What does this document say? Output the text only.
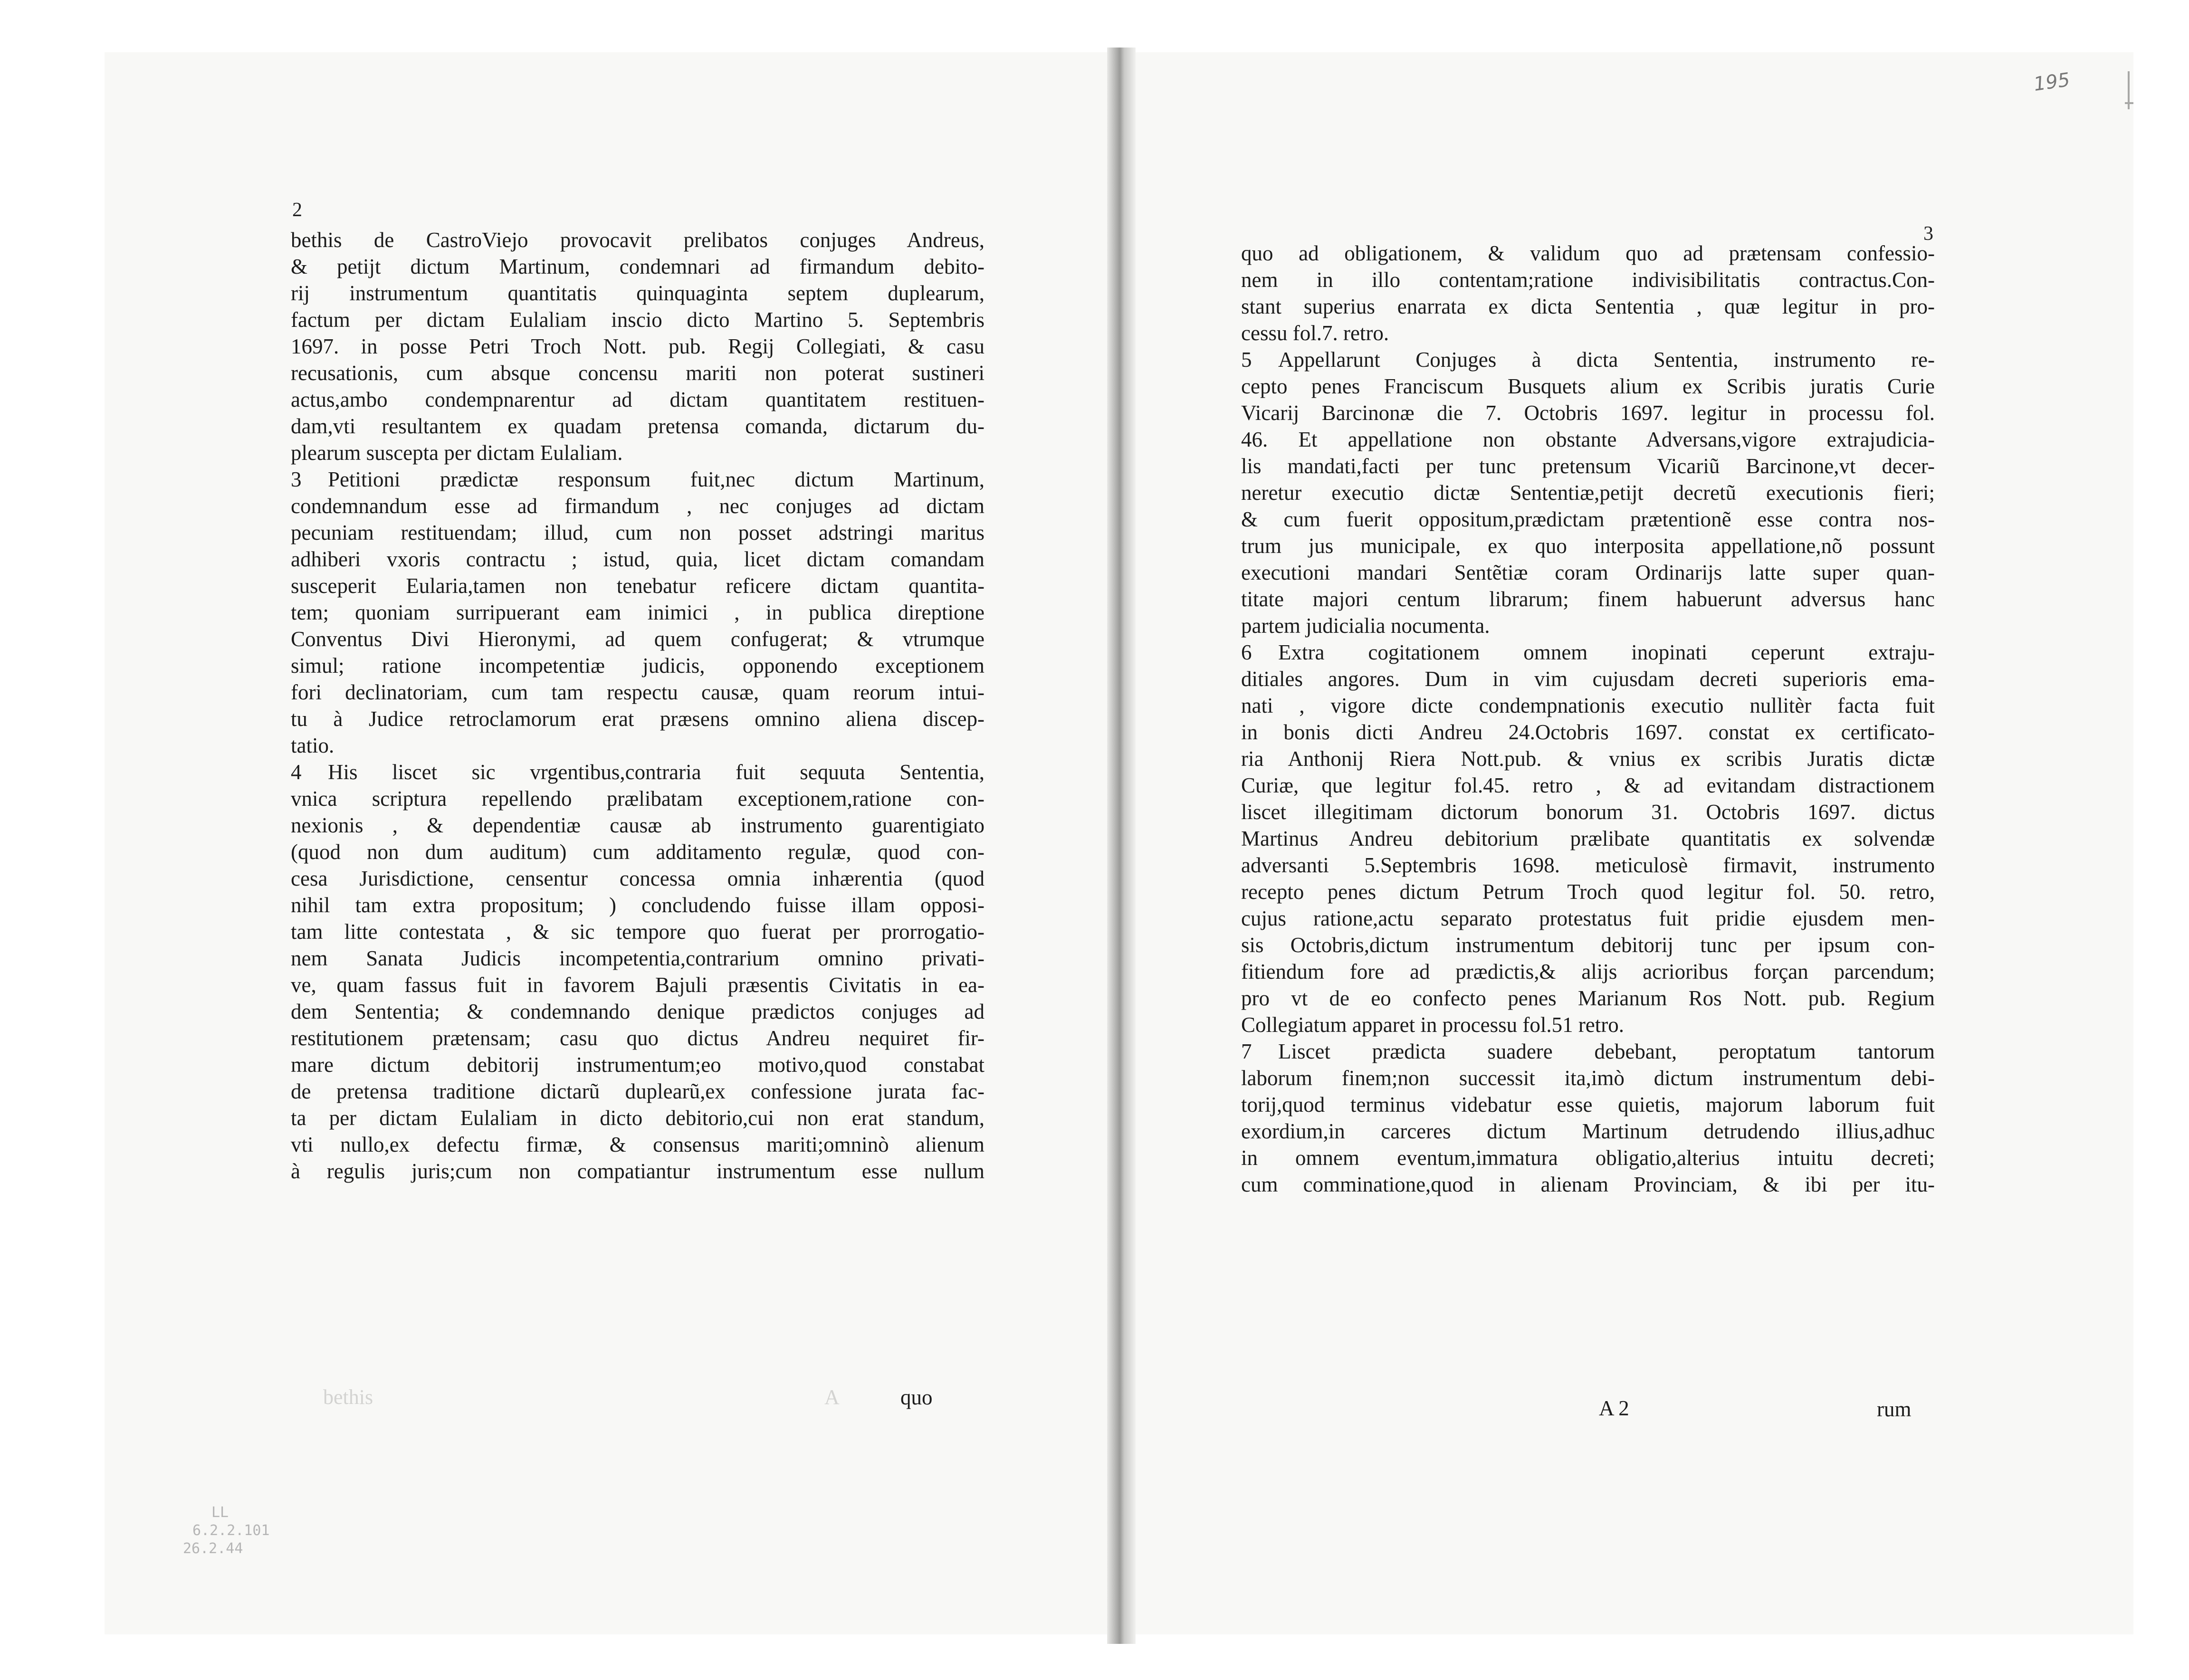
195
2
3
bethis	A

bethis de CastroViejo provocavit prelibatos conjuges Andreus,

& petijt dictum Martinum, condemnari ad firmandum debito-

rij instrumentum quantitatis quinquaginta septem duplearum,

factum per dictam Eulaliam inscio dicto Martino 5. Septembris

1697. in posse Petri Troch Nott. pub. Regij Collegiati, & casu

recusationis, cum absque concensu mariti non poterat sustineri

actus,ambo condempnarentur ad dictam quantitatem restituen-

dam,vti resultantem ex quadam pretensa comanda, dictarum du-

plearum suscepta per dictam Eulaliam.

3 Petitioni prædictæ responsum fuit,nec dictum Martinum,

condemnandum esse ad firmandum , nec conjuges ad dictam

pecuniam restituendam; illud, cum non posset adstringi maritus

adhiberi vxoris contractu ; istud, quia, licet dictam comandam

susceperit Eularia,tamen non tenebatur reficere dictam quantita-

tem; quoniam surripuerant eam inimici , in publica direptione

Conventus Divi Hieronymi, ad quem confugerat; & vtrumque

simul; ratione incompetentiæ judicis, opponendo exceptionem

fori declinatoriam, cum tam respectu causæ, quam reorum intui-

tu à Judice retroclamorum erat præsens omnino aliena discep-

tatio.

4 His liscet sic vrgentibus,contraria fuit sequuta Sententia,

vnica scriptura repellendo prælibatam exceptionem,ratione con-

nexionis , & dependentiæ causæ ab instrumento guarentigiato

(quod non dum auditum) cum additamento regulæ, quod con-

cesa Jurisdictione, censentur concessa omnia inhærentia (quod

nihil tam extra propositum; ) concludendo fuisse illam opposi-

tam litte contestata , & sic tempore quo fuerat per prorrogatio-

nem Sanata Judicis incompetentia,contrarium omnino privati-

ve, quam fassus fuit in favorem Bajuli præsentis Civitatis in ea-

dem Sententia; & condemnando denique prædictos conjuges ad

restitutionem prætensam; casu quo dictus Andreu nequiret fir-

mare dictum debitorij instrumentum;eo motivo,quod constabat

de pretensa traditione dictarũ duplearũ,ex confessione jurata fac-

ta per dictam Eulaliam in dicto debitorio,cui non erat standum,

vti nullo,ex defectu firmæ, & consensus mariti;omninò alienum

à regulis juris;cum non compatiantur instrumentum esse nullum

quo ad obligationem, & validum quo ad prætensam confessio-

nem in illo contentam;ratione indivisibilitatis contractus.Con-

stant superius enarrata ex dicta Sententia , quæ legitur in pro-

cessu fol.7. retro.

5 Appellarunt Conjuges à dicta Sententia, instrumento re-

cepto penes Franciscum Busquets alium ex Scribis juratis Curie

Vicarij Barcinonæ die 7. Octobris 1697. legitur in processu fol.

46. Et appellatione non obstante Adversans,vigore extrajudicia-

lis mandati,facti per tunc pretensum Vicariũ Barcinone,vt decer-

neretur executio dictæ Sententiæ,petijt decretũ executionis fieri;

& cum fuerit oppositum,prædictam prætentionẽ esse contra nos-

trum jus municipale, ex quo interposita appellatione,nõ possunt

executioni mandari Sentẽtiæ coram Ordinarijs latte super quan-

titate majori centum librarum; finem habuerunt adversus hanc

partem judicialia nocumenta.

6 Extra cogitationem omnem inopinati ceperunt extraju-

ditiales angores. Dum in vim cujusdam decreti superioris ema-

nati , vigore dicte condempnationis executio nullitèr facta fuit

in bonis dicti Andreu 24.Octobris 1697. constat ex certificato-

ria Anthonij Riera Nott.pub. & vnius ex scribis Juratis dictæ

Curiæ, que legitur fol.45. retro , & ad evitandam distractionem

liscet illegitimam dictorum bonorum 31. Octobris 1697. dictus

Martinus Andreu debitorium prælibate quantitatis ex solvendæ

adversanti 5.Septembris 1698. meticulosè firmavit, instrumento

recepto penes dictum Petrum Troch quod legitur fol. 50. retro,

cujus ratione,actu separato protestatus fuit pridie ejusdem men-

sis Octobris,dictum instrumentum debitorij tunc per ipsum con-

fitiendum fore ad prædictis,& alijs acrioribus forçan parcendum;

pro vt de eo confecto penes Marianum Ros Nott. pub. Regium

Collegiatum apparet in processu fol.51 retro.

7 Liscet prædicta suadere debebant, peroptatum tantorum

laborum finem;non successit ita,imò dictum instrumentum debi-

torij,quod terminus videbatur esse quietis, majorum laborum fuit

exordium,in carceres dictum Martinum detrudendo illius,adhuc

in omnem eventum,immatura obligatio,alterius intuitu decreti;

cum comminatione,quod in alienam Provinciam, & ibi per itu-

quo	A 2	rum
LL
6.2.2.101
26.2.44
